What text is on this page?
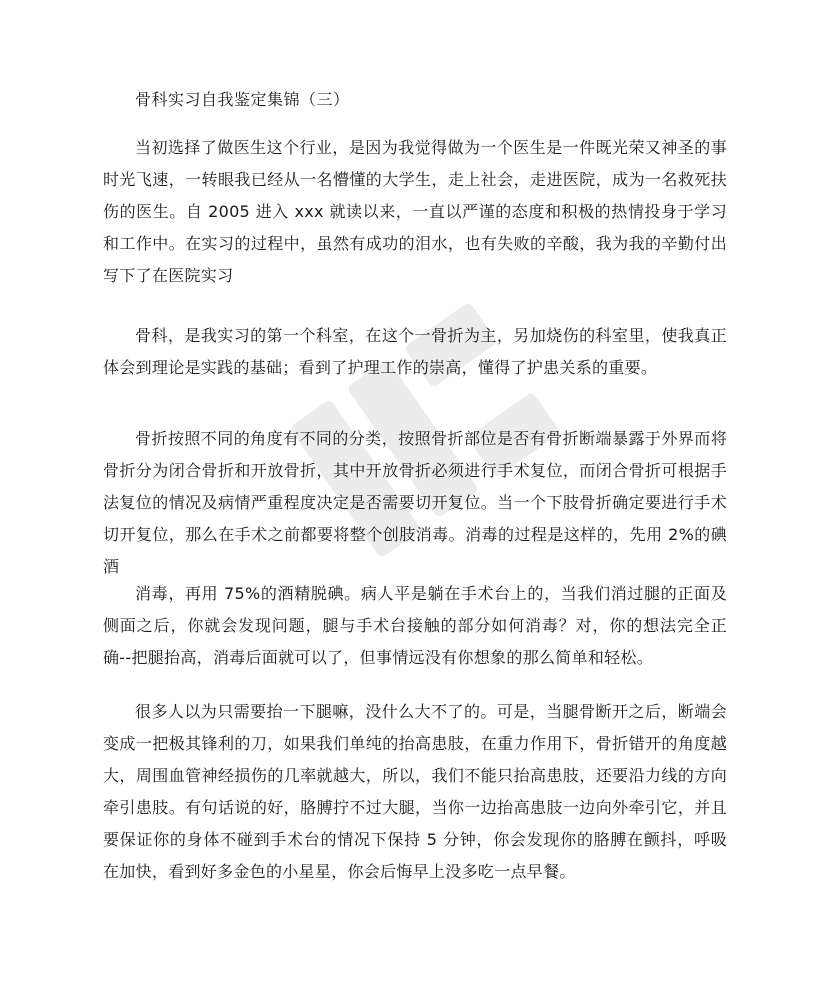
骨科实习自我鉴定集锦（三）

当初选择了做医生这个行业，是因为我觉得做为一个医生是一件既光荣又神圣的事时光飞速，一转眼我已经从一名懵懂的大学生，走上社会，走进医院，成为一名救死扶伤的医生。自 2005 进入 xxx 就读以来，一直以严谨的态度和积极的热情投身于学习和工作中。在实习的过程中，虽然有成功的泪水，也有失败的辛酸，我为我的辛勤付出写下了在医院实习

骨科，是我实习的第一个科室，在这个一骨折为主，另加烧伤的科室里，使我真正体会到理论是实践的基础；看到了护理工作的崇高，懂得了护患关系的重要。

骨折按照不同的角度有不同的分类，按照骨折部位是否有骨折断端暴露于外界而将骨折分为闭合骨折和开放骨折，其中开放骨折必须进行手术复位，而闭合骨折可根据手法复位的情况及病情严重程度决定是否需要切开复位。当一个下肢骨折确定要进行手术切开复位，那么在手术之前都要将整个创肢消毒。消毒的过程是这样的，先用 2%的碘酒

消毒，再用 75%的酒精脱碘。病人平是躺在手术台上的，当我们消过腿的正面及侧面之后，你就会发现问题，腿与手术台接触的部分如何消毒？对，你的想法完全正确--把腿抬高，消毒后面就可以了，但事情远没有你想象的那么简单和轻松。

很多人以为只需要抬一下腿嘛，没什么大不了的。可是，当腿骨断开之后，断端会变成一把极其锋利的刀，如果我们单纯的抬高患肢，在重力作用下，骨折错开的角度越大，周围血管神经损伤的几率就越大，所以，我们不能只抬高患肢，还要沿力线的方向牵引患肢。有句话说的好，胳膊拧不过大腿，当你一边抬高患肢一边向外牵引它，并且要保证你的身体不碰到手术台的情况下保持 5 分钟，你会发现你的胳膊在颤抖，呼吸在加快，看到好多金色的小星星，你会后悔早上没多吃一点早餐。
